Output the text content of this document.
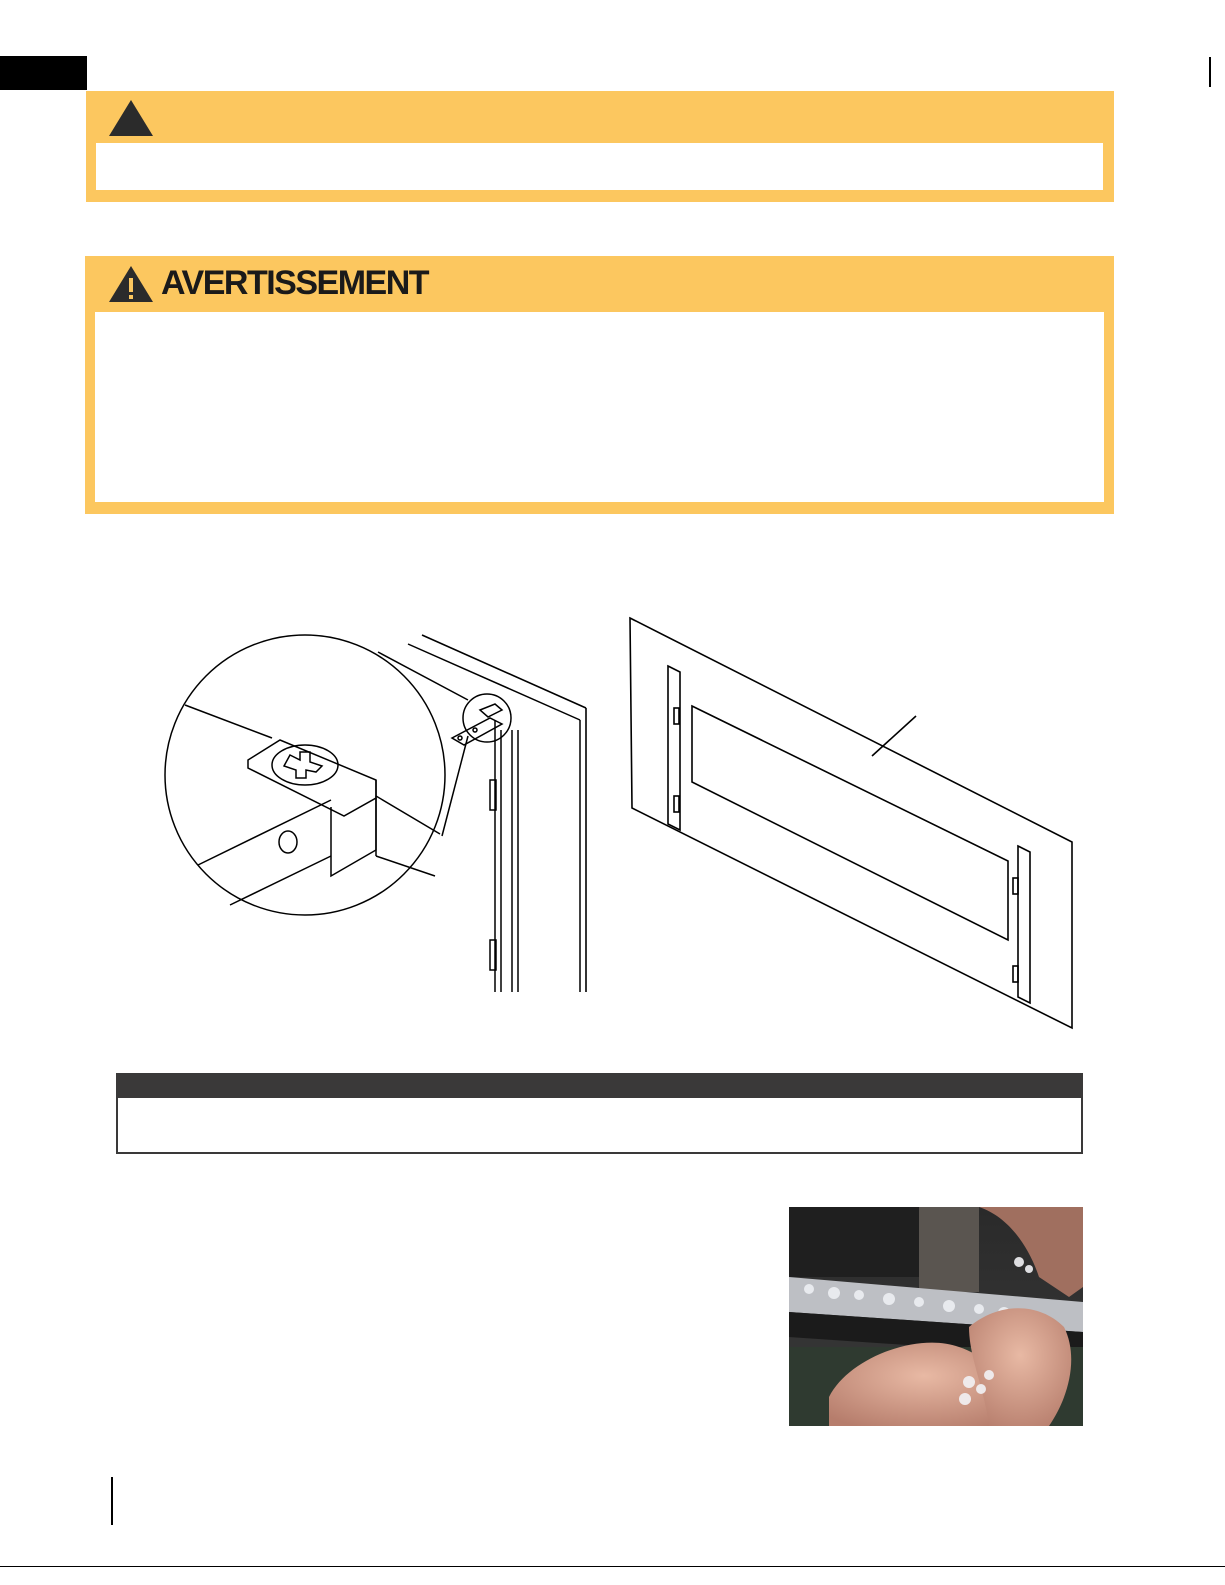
AVERTISSEMENT
